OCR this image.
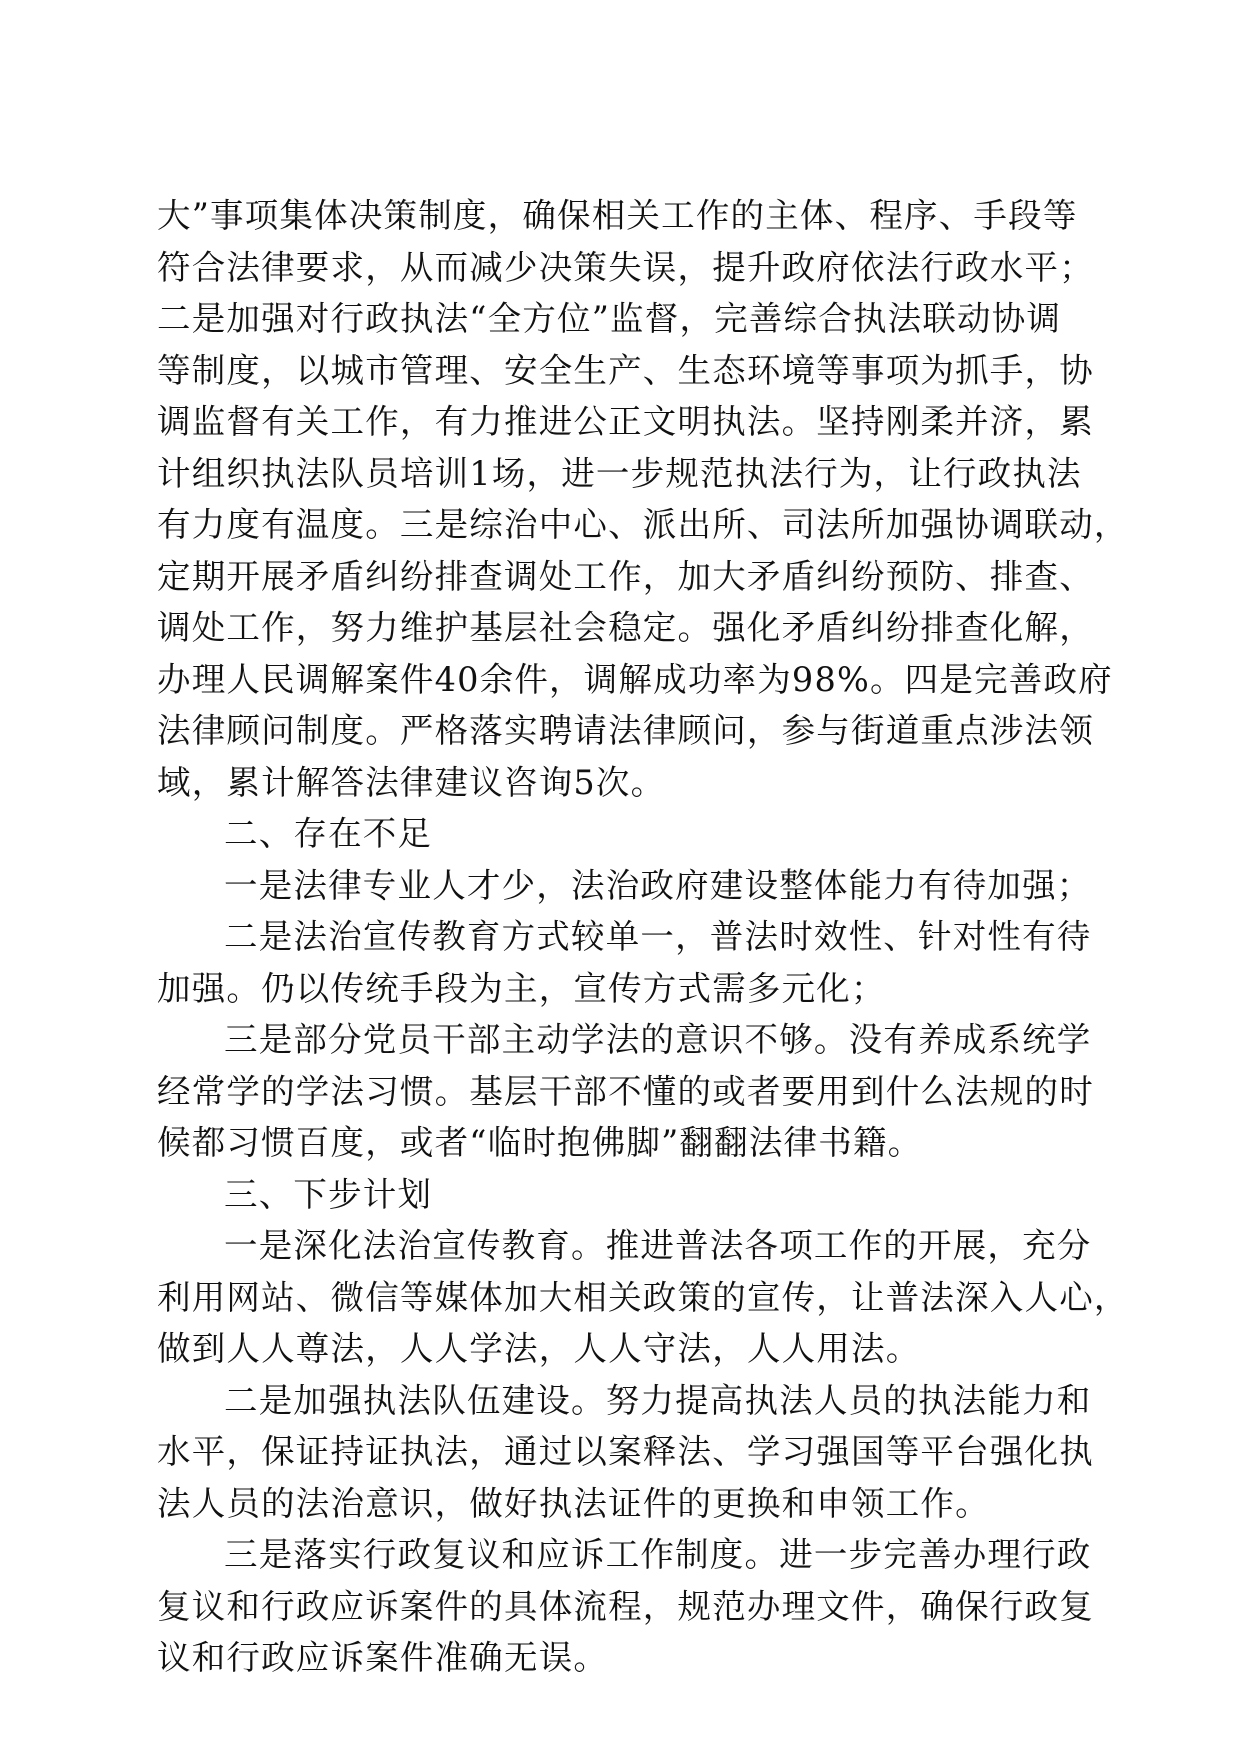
大”事项集体决策制度，确保相关工作的主体、程序、手段等
符合法律要求，从而减少决策失误，提升政府依法行政水平；
二是加强对行政执法“全方位”监督，完善综合执法联动协调
等制度，以城市管理、安全生产、生态环境等事项为抓手，协
调监督有关工作，有力推进公正文明执法。坚持刚柔并济，累
计组织执法队员培训1场，进一步规范执法行为，让行政执法
有力度有温度。三是综治中心、派出所、司法所加强协调联动，
定期开展矛盾纠纷排查调处工作，加大矛盾纠纷预防、排查、
调处工作，努力维护基层社会稳定。强化矛盾纠纷排查化解，
办理人民调解案件40余件，调解成功率为98%。四是完善政府
法律顾问制度。严格落实聘请法律顾问，参与街道重点涉法领
域，累计解答法律建议咨询5次。
二、存在不足
一是法律专业人才少，法治政府建设整体能力有待加强；
二是法治宣传教育方式较单一，普法时效性、针对性有待
加强。仍以传统手段为主，宣传方式需多元化；
三是部分党员干部主动学法的意识不够。没有养成系统学
经常学的学法习惯。基层干部不懂的或者要用到什么法规的时
候都习惯百度，或者“临时抱佛脚”翻翻法律书籍。
三、下步计划
一是深化法治宣传教育。推进普法各项工作的开展，充分
利用网站、微信等媒体加大相关政策的宣传，让普法深入人心，
做到人人尊法，人人学法，人人守法，人人用法。
二是加强执法队伍建设。努力提高执法人员的执法能力和
水平，保证持证执法，通过以案释法、学习强国等平台强化执
法人员的法治意识，做好执法证件的更换和申领工作。
三是落实行政复议和应诉工作制度。进一步完善办理行政
复议和行政应诉案件的具体流程，规范办理文件，确保行政复
议和行政应诉案件准确无误。
